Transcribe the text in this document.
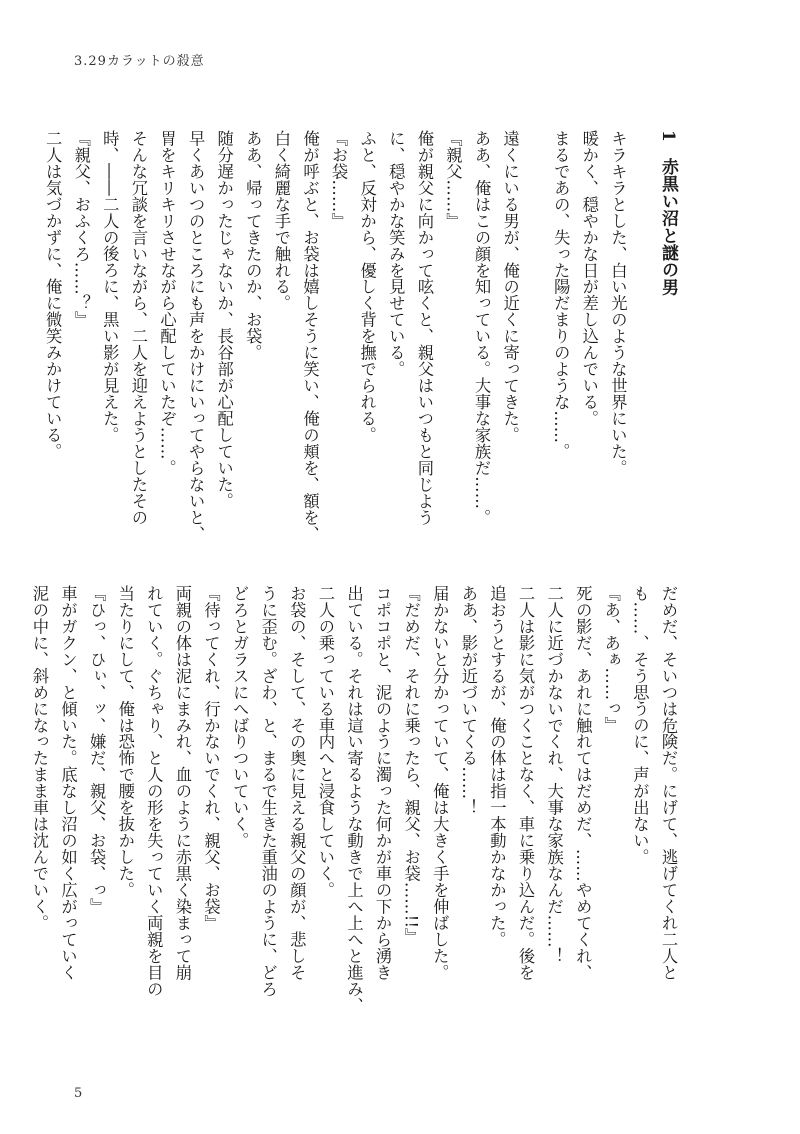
3.29カラットの殺意
1赤黒い沼と謎の男
キラキラとした、白い光のような世界にいた。
暖かく、穏やかな日が差し込んでいる。
まるであの、失った陽だまりのような……。
遠くにいる男が、俺の近くに寄ってきた。
ああ、俺はこの顔を知っている。大事な家族だ……。
『親父……』
俺が親父に向かって呟くと、親父はいつもと同じよう
に、穏やかな笑みを見せている。
ふと、反対から、優しく背を撫でられる。
『お袋……』
俺が呼ぶと、お袋は嬉しそうに笑い、俺の頬を、額を、
白く綺麗な手で触れる。
ああ、帰ってきたのか、お袋。
随分遅かったじゃないか、長谷部が心配していた。
早くあいつのところにも声をかけにいってやらないと、
胃をキリキリさせながら心配していたぞ……。
そんな冗談を言いながら、二人を迎えようとしたその
時、――二人の後ろに、黒い影が見えた。
『親父、おふくろ……？』
二人は気づかずに、俺に微笑みかけている。
だめだ、そいつは危険だ。にげて、逃げてくれ二人と
も……、そう思うのに、声が出ない。
『あ、あぁ……っ』
死の影だ、あれに触れてはだめだ、……やめてくれ、
二人に近づかないでくれ、大事な家族なんだ……！
二人は影に気がつくことなく、車に乗り込んだ。後を
追おうとするが、俺の体は指一本動かなかった。
ああ、影が近づいてくる……！
届かないと分かっていて、俺は大きく手を伸ばした。
『だめだ、それに乗ったら、親父、お袋……!!』
コポコポと、泥のように濁った何かが車の下から湧き
出ている。それは這い寄るような動きで上へ上へと進み、
二人の乗っている車内へと浸食していく。
お袋の、そして、その奥に見える親父の顔が、悲しそ
うに歪む。ざわ、と、まるで生きた重油のように、どろ
どろとガラスにへばりついていく。
『待ってくれ、行かないでくれ、親父、お袋』
両親の体は泥にまみれ、血のように赤黒く染まって崩
れていく。ぐちゃり、と人の形を失っていく両親を目の
当たりにして、俺は恐怖で腰を抜かした。
『ひっ、ひぃ、ッ、嫌だ、親父、お袋、っ』
車がガクン、と傾いた。底なし沼の如く広がっていく
泥の中に、斜めになったまま車は沈んでいく。
5
